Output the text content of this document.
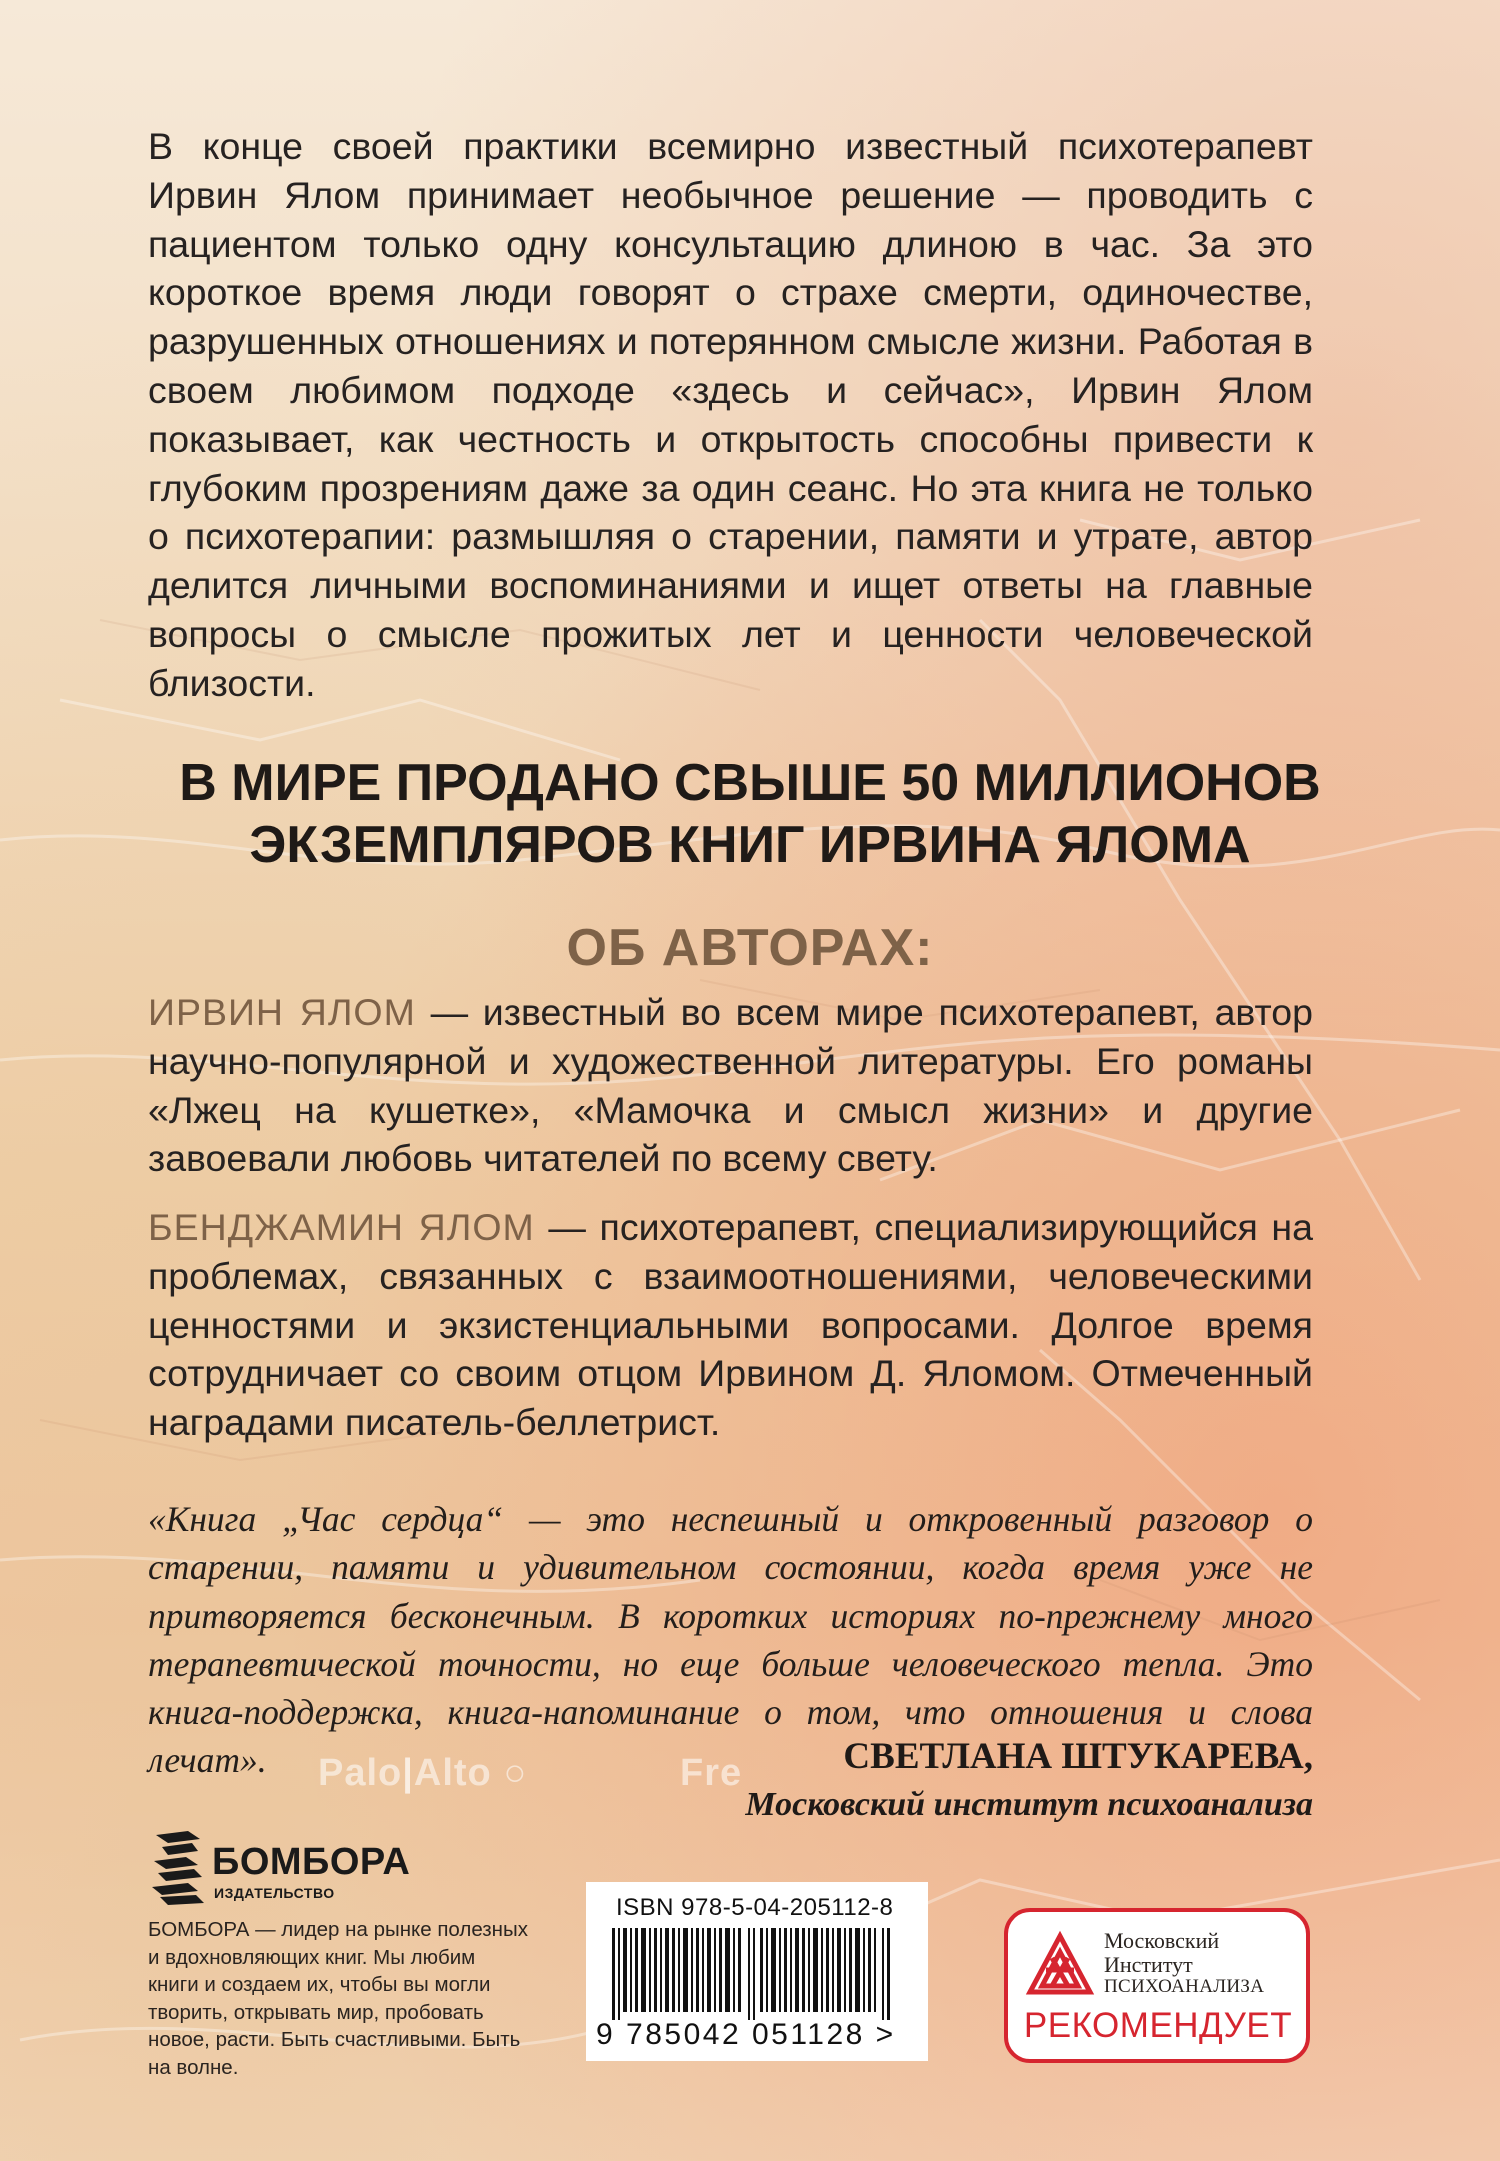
Palo|Alto ○	Fre

В конце своей практики всемирно известный психотерапевт Ирвин Ялом принимает необычное решение — проводить с пациентом только одну консультацию длиною в час. За это короткое время люди говорят о страхе смерти, одиночестве, разрушенных отношениях и потерянном смысле жизни. Работая в своем любимом подходе «здесь и сейчас», Ирвин Ялом показывает, как честность и открытость способны привести к глубоким прозрениям даже за один сеанс. Но эта книга не только о психотерапии: размышляя о старении, памяти и утрате, автор делится личными воспоминаниями и ищет ответы на главные вопросы о смысле прожитых лет и ценности человеческой близости.

В МИРЕ ПРОДАНО СВЫШЕ 50 МИЛЛИОНОВ
ЭКЗЕМПЛЯРОВ КНИГ ИРВИНА ЯЛОМА

ОБ АВТОРАХ:

ИРВИН ЯЛОМ — известный во всем мире психотерапевт, автор научно-популярной и художественной литературы. Его романы «Лжец на кушетке», «Мамочка и смысл жизни» и другие завоевали любовь читателей по всему свету.

БЕНДЖАМИН ЯЛОМ — психотерапевт, специализирующийся на проблемах, связанных с взаимоотношениями, человеческими ценностями и экзистенциальными вопросами. Долгое время сотрудничает со своим отцом Ирвином Д. Яломом. Отмеченный наградами писатель-беллетрист.

«Книга „Час сердца“ — это неспешный и откровенный разговор о старении, памяти и удивительном состоянии, когда время уже не притворяется бесконечным. В коротких историях по-прежнему много терапевтической точности, но еще больше человеческого тепла. Это книга-поддержка, книга-напоминание о том, что отношения и слова лечат».	СВЕТЛАНА ШТУКАРЕВА,

Московский институт психоанализа

БОМБОРА
ИЗДАТЕЛЬСТВО

БОМБОРА — лидер на рынке полезных и вдохновляющих книг. Мы любим книги и создаем их, чтобы вы могли творить, открывать мир, пробовать новое, расти. Быть счастливыми. Быть на волне.

ISBN 978-5-04-205112-8
9 785042 051128 >
Московский
Институт
ПСИХОАНАЛИЗА
РЕКОМЕНДУЕТ
